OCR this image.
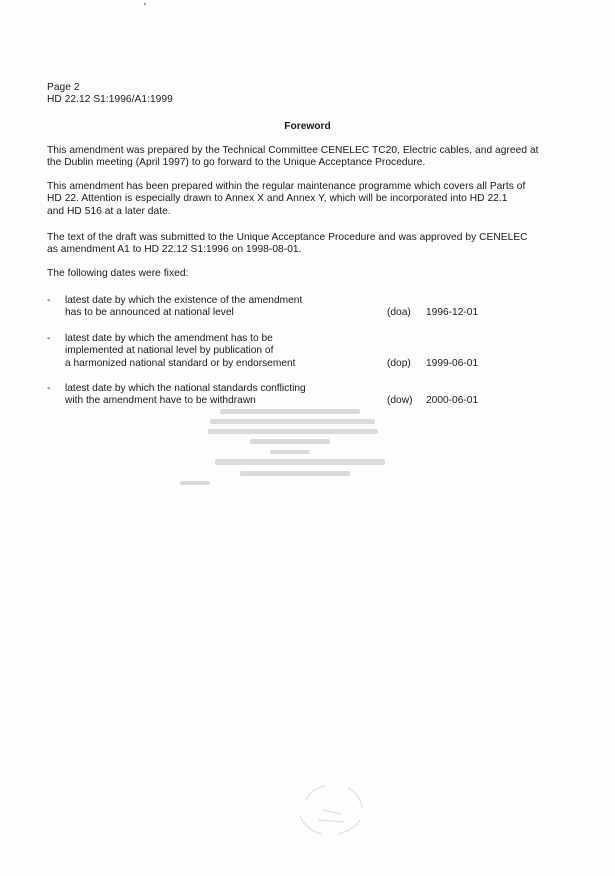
Page 2
HD 22.12 S1:1996/A1:1999
Foreword
This amendment was prepared by the Technical Committee CENELEC TC20, Electric cables, and agreed at
the Dublin meeting (April 1997) to go forward to the Unique Acceptance Procedure.
This amendment has been prepared within the regular maintenance programme which covers all Parts of
HD 22. Attention is especially drawn to Annex X and Annex Y, which will be incorporated into HD 22.1
and HD 516 at a later date.
The text of the draft was submitted to the Unique Acceptance Procedure and was approved by CENELEC
as amendment A1 to HD 22.12 S1:1996 on 1998-08-01.
The following dates were fixed:
- latest date by which the existence of the amendment
has to be announced at national level	(doa) 1996-12-01
- latest date by which the amendment has to be
implemented at national level by publication of
a harmonized national standard or by endorsement	(dop) 1999-06-01
- latest date by which the national standards conflicting
with the amendment have to be withdrawn	(dow) 2000-06-01
